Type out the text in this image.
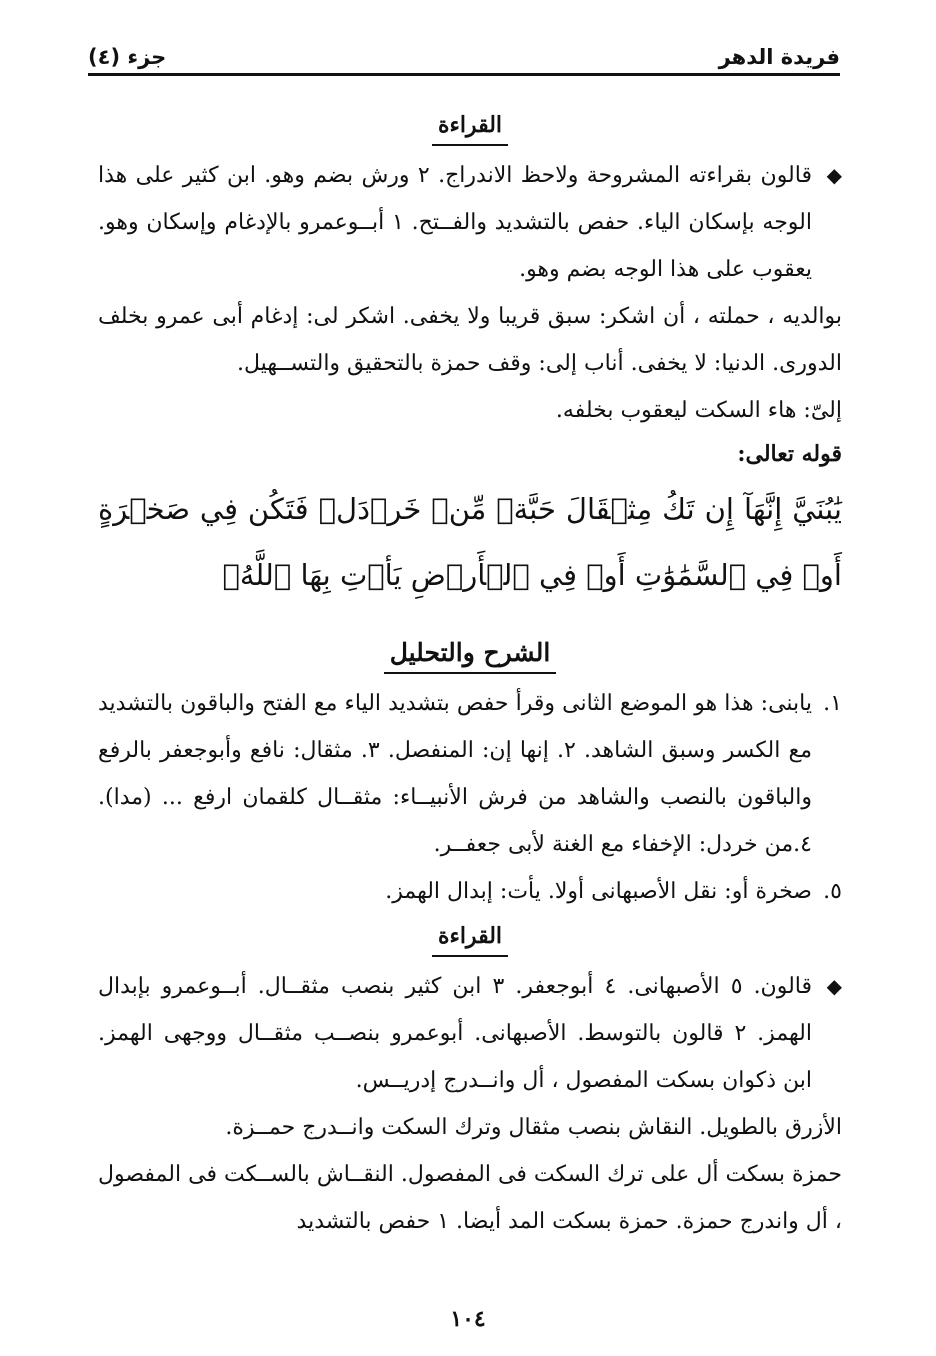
فريدة الدهر
جزء (٤)
القراءة
◆
قالون بقراءته المشروحة ولاحظ الاندراج. ٢ ورش بضم وهو. ابن كثير على هذا الوجه بإسكان الياء. حفص بالتشديد والفــتح. ١ أبــوعمرو بالإدغام وإسكان وهو. يعقوب على هذا الوجه بضم وهو.

بوالديه ، حملته ، أن اشكر: سبق قريبا ولا يخفى. اشكر لى: إدغام أبى عمرو بخلف الدورى. الدنيا: لا يخفى. أناب إلى: وقف حمزة بالتحقيق والتســهيل.

إلىّ: هاء السكت ليعقوب بخلفه.

قوله تعالى:

يَٰبُنَيَّ إِنَّهَآ إِن تَكُ مِثۡقَالَ حَبَّةٖ مِّنۡ خَرۡدَلٖ فَتَكُن فِي صَخۡرَةٍ أَوۡ فِي ٱلسَّمَٰوَٰتِ أَوۡ فِي ٱلۡأَرۡضِ يَأۡتِ بِهَا ٱللَّهُۚ

الشرح والتحليل
١.
يابنى: هذا هو الموضع الثانى وقرأ حفص بتشديد الياء مع الفتح والباقون بالتشديد مع الكسر وسبق الشاهد. ٢. إنها إن: المنفصل. ٣. مثقال: نافع وأبوجعفر بالرفع والباقون بالنصب والشاهد من فرش الأنبيــاء: مثقــال كلقمان ارفع ... (مدا). ٤.من خردل: الإخفاء مع الغنة لأبى جعفــر.
٥.
صخرة أو: نقل الأصبهانى أولا. يأت: إبدال الهمز.
القراءة
◆
قالون. ٥ الأصبهانى. ٤ أبوجعفر. ٣ ابن كثير بنصب مثقــال. أبــوعمرو بإبدال الهمز. ٢ قالون بالتوسط. الأصبهانى. أبوعمرو بنصــب مثقــال ووجهى الهمز. ابن ذكوان بسكت المفصول ، أل وانــدرج إدريــس.

الأزرق بالطويل. النقاش بنصب مثقال وترك السكت وانــدرج حمــزة.

حمزة بسكت أل على ترك السكت فى المفصول. النقــاش بالســكت فى المفصول ، أل واندرج حمزة. حمزة بسكت المد أيضا. ١ حفص بالتشديد

١٠٤
